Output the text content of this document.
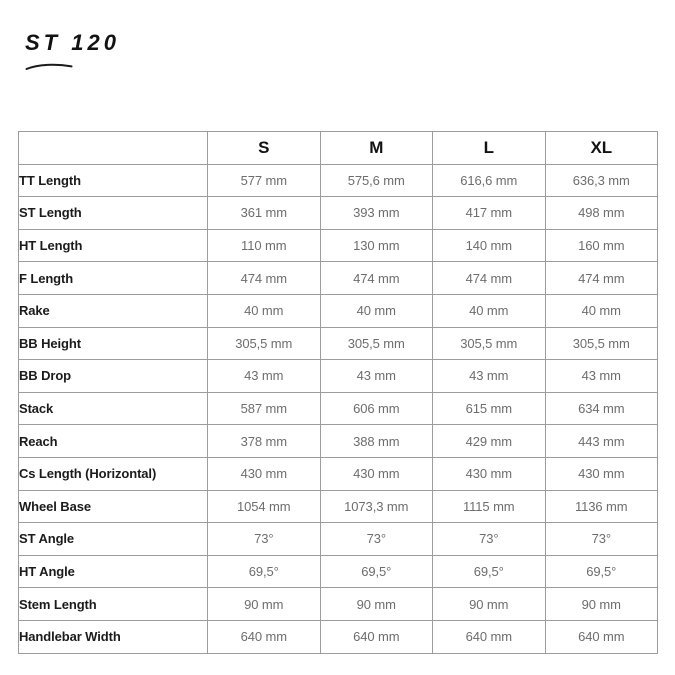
ST 120
	S	M	L	XL
TT Length	577 mm	575,6 mm	616,6 mm	636,3 mm
ST Length	361 mm	393 mm	417 mm	498 mm
HT Length	110 mm	130 mm	140 mm	160 mm
F Length	474 mm	474 mm	474 mm	474 mm
Rake	40 mm	40 mm	40 mm	40 mm
BB Height	305,5 mm	305,5 mm	305,5 mm	305,5 mm
BB Drop	43 mm	43 mm	43 mm	43 mm
Stack	587 mm	606 mm	615 mm	634 mm
Reach	378 mm	388 mm	429 mm	443 mm
Cs Length (Horizontal)	430 mm	430 mm	430 mm	430 mm
Wheel Base	1054 mm	1073,3 mm	1115 mm	1136 mm
ST Angle	73°	73°	73°	73°
HT Angle	69,5°	69,5°	69,5°	69,5°
Stem Length	90 mm	90 mm	90 mm	90 mm
Handlebar Width	640 mm	640 mm	640 mm	640 mm
